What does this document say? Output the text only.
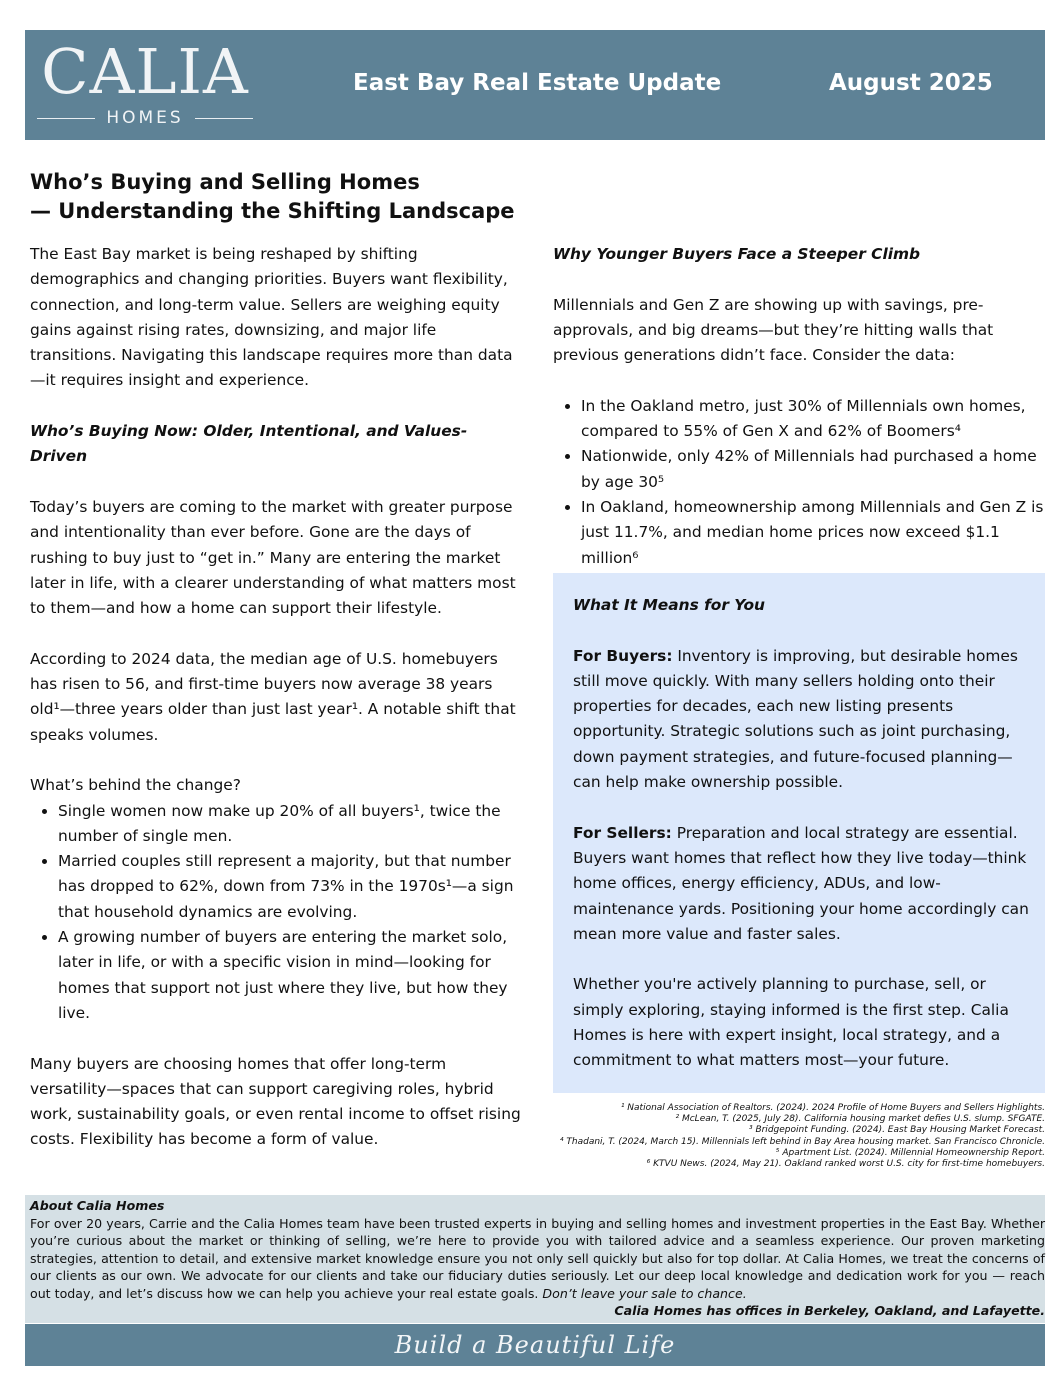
CALIA
HOMES
East Bay Real Estate Update	August 2025
Who’s Buying and Selling Homes
— Understanding the Shifting Landscape

The East Bay market is being reshaped by shifting demographics and changing priorities. Buyers want flexibility, connection, and long-term value. Sellers are weighing equity gains against rising rates, downsizing, and major life transitions. Navigating this landscape requires more than data—it requires insight and experience.

Who’s Buying Now: Older, Intentional, and Values-Driven

Today’s buyers are coming to the market with greater purpose and intentionality than ever before. Gone are the days of rushing to buy just to “get in.” Many are entering the market later in life, with a clearer understanding of what matters most to them—and how a home can support their lifestyle.

According to 2024 data, the median age of U.S. homebuyers has risen to 56, and first-time buyers now average 38 years old¹—three years older than just last year¹. A notable shift that speaks volumes.

What’s behind the change?

• Single women now make up 20% of all buyers¹, twice the number of single men.
• Married couples still represent a majority, but that number has dropped to 62%, down from 73% in the 1970s¹—a sign that household dynamics are evolving.
• A growing number of buyers are entering the market solo, later in life, or with a specific vision in mind—looking for homes that support not just where they live, but how they live.

Many buyers are choosing homes that offer long-term versatility—spaces that can support caregiving roles, hybrid work, sustainability goals, or even rental income to offset rising costs. Flexibility has become a form of value.

Why Younger Buyers Face a Steeper Climb

Millennials and Gen Z are showing up with savings, pre-approvals, and big dreams—but they’re hitting walls that previous generations didn’t face. Consider the data:

• In the Oakland metro, just 30% of Millennials own homes, compared to 55% of Gen X and 62% of Boomers⁴
• Nationwide, only 42% of Millennials had purchased a home by age 30⁵
• In Oakland, homeownership among Millennials and Gen Z is just 11.7%, and median home prices now exceed $1.1 million⁶

What It Means for You

For Buyers: Inventory is improving, but desirable homes still move quickly. With many sellers holding onto their properties for decades, each new listing presents opportunity. Strategic solutions such as joint purchasing, down payment strategies, and future-focused planning—can help make ownership possible.

For Sellers: Preparation and local strategy are essential. Buyers want homes that reflect how they live today—think home offices, energy efficiency, ADUs, and low-maintenance yards. Positioning your home accordingly can mean more value and faster sales.

Whether you're actively planning to purchase, sell, or simply exploring, staying informed is the first step. Calia Homes is here with expert insight, local strategy, and a commitment to what matters most—your future.

¹ National Association of Realtors. (2024). 2024 Profile of Home Buyers and Sellers Highlights.
² McLean, T. (2025, July 28). California housing market defies U.S. slump. SFGATE.
³ Bridgepoint Funding. (2024). East Bay Housing Market Forecast.
⁴ Thadani, T. (2024, March 15). Millennials left behind in Bay Area housing market. San Francisco Chronicle.
⁵ Apartment List. (2024). Millennial Homeownership Report.
⁶ KTVU News. (2024, May 21). Oakland ranked worst U.S. city for first-time homebuyers.
About Calia Homes
For over 20 years, Carrie and the Calia Homes team have been trusted experts in buying and selling homes and investment properties in the East Bay. Whether you’re curious about the market or thinking of selling, we’re here to provide you with tailored advice and a seamless experience. Our proven marketing strategies, attention to detail, and extensive market knowledge ensure you not only sell quickly but also for top dollar. At Calia Homes, we treat the concerns of our clients as our own. We advocate for our clients and take our fiduciary duties seriously. Let our deep local knowledge and dedication work for you — reach out today, and let’s discuss how we can help you achieve your real estate goals. Don’t leave your sale to chance.
Calia Homes has offices in Berkeley, Oakland, and Lafayette.
Build a Beautiful Life
